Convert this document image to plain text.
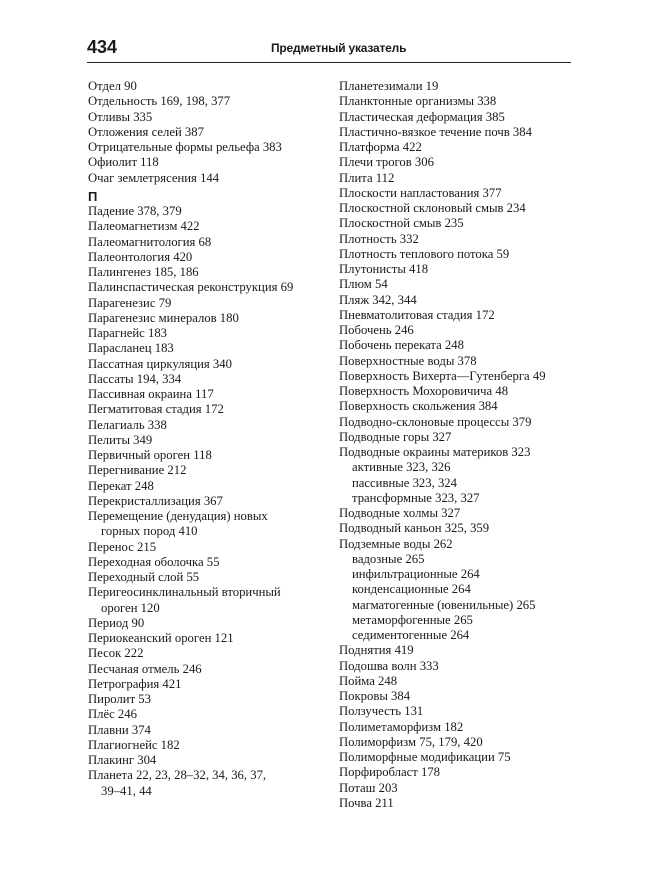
434	Предметный указатель
Отдел 90
Отдельность 169, 198, 377
Отливы 335
Отложения селей 387
Отрицательные формы рельефа 383
Офиолит 118
Очаг землетрясения 144
П
Падение 378, 379
Палеомагнетизм 422
Палеомагнитология 68
Палеонтология 420
Палингенез 185, 186
Палинспастическая реконструкция 69
Парагенезис 79
Парагенезис минералов 180
Парагнейс 183
Парасланец 183
Пассатная циркуляция 340
Пассаты 194, 334
Пассивная окраина 117
Пегматитовая стадия 172
Пелагиаль 338
Пелиты 349
Первичный ороген 118
Перегнивание 212
Перекат 248
Перекристаллизация 367
Перемещение (денудация) новых
горных пород 410
Перенос 215
Переходная оболочка 55
Переходный слой 55
Перигеосинклинальный вторичный
ороген 120
Период 90
Периокеанский ороген 121
Песок 222
Песчаная отмель 246
Петрография 421
Пиролит 53
Плёс 246
Плавни 374
Плагиогнейс 182
Плакинг 304
Планета 22, 23, 28–32, 34, 36, 37,
39–41, 44
Планетезимали 19
Планктонные организмы 338
Пластическая деформация 385
Пластично-вязкое течение почв 384
Платформа 422
Плечи трогов 306
Плита 112
Плоскости напластования 377
Плоскостной склоновый смыв 234
Плоскостной смыв 235
Плотность 332
Плотность теплового потока 59
Плутонисты 418
Плюм 54
Пляж 342, 344
Пневматолитовая стадия 172
Побочень 246
Побочень переката 248
Поверхностные воды 378
Поверхность Вихерта—Гутенберга 49
Поверхность Мохоровичича 48
Поверхность скольжения 384
Подводно-склоновые процессы 379
Подводные горы 327
Подводные окраины материков 323
активные 323, 326
пассивные 323, 324
трансформные 323, 327
Подводные холмы 327
Подводный каньон 325, 359
Подземные воды 262
вадозные 265
инфильтрационные 264
конденсационные 264
магматогенные (ювенильные) 265
метаморфогенные 265
седиментогенные 264
Поднятия 419
Подошва волн 333
Пойма 248
Покровы 384
Ползучесть 131
Полиметаморфизм 182
Полиморфизм 75, 179, 420
Полиморфные модификации 75
Порфиробласт 178
Поташ 203
Почва 211
